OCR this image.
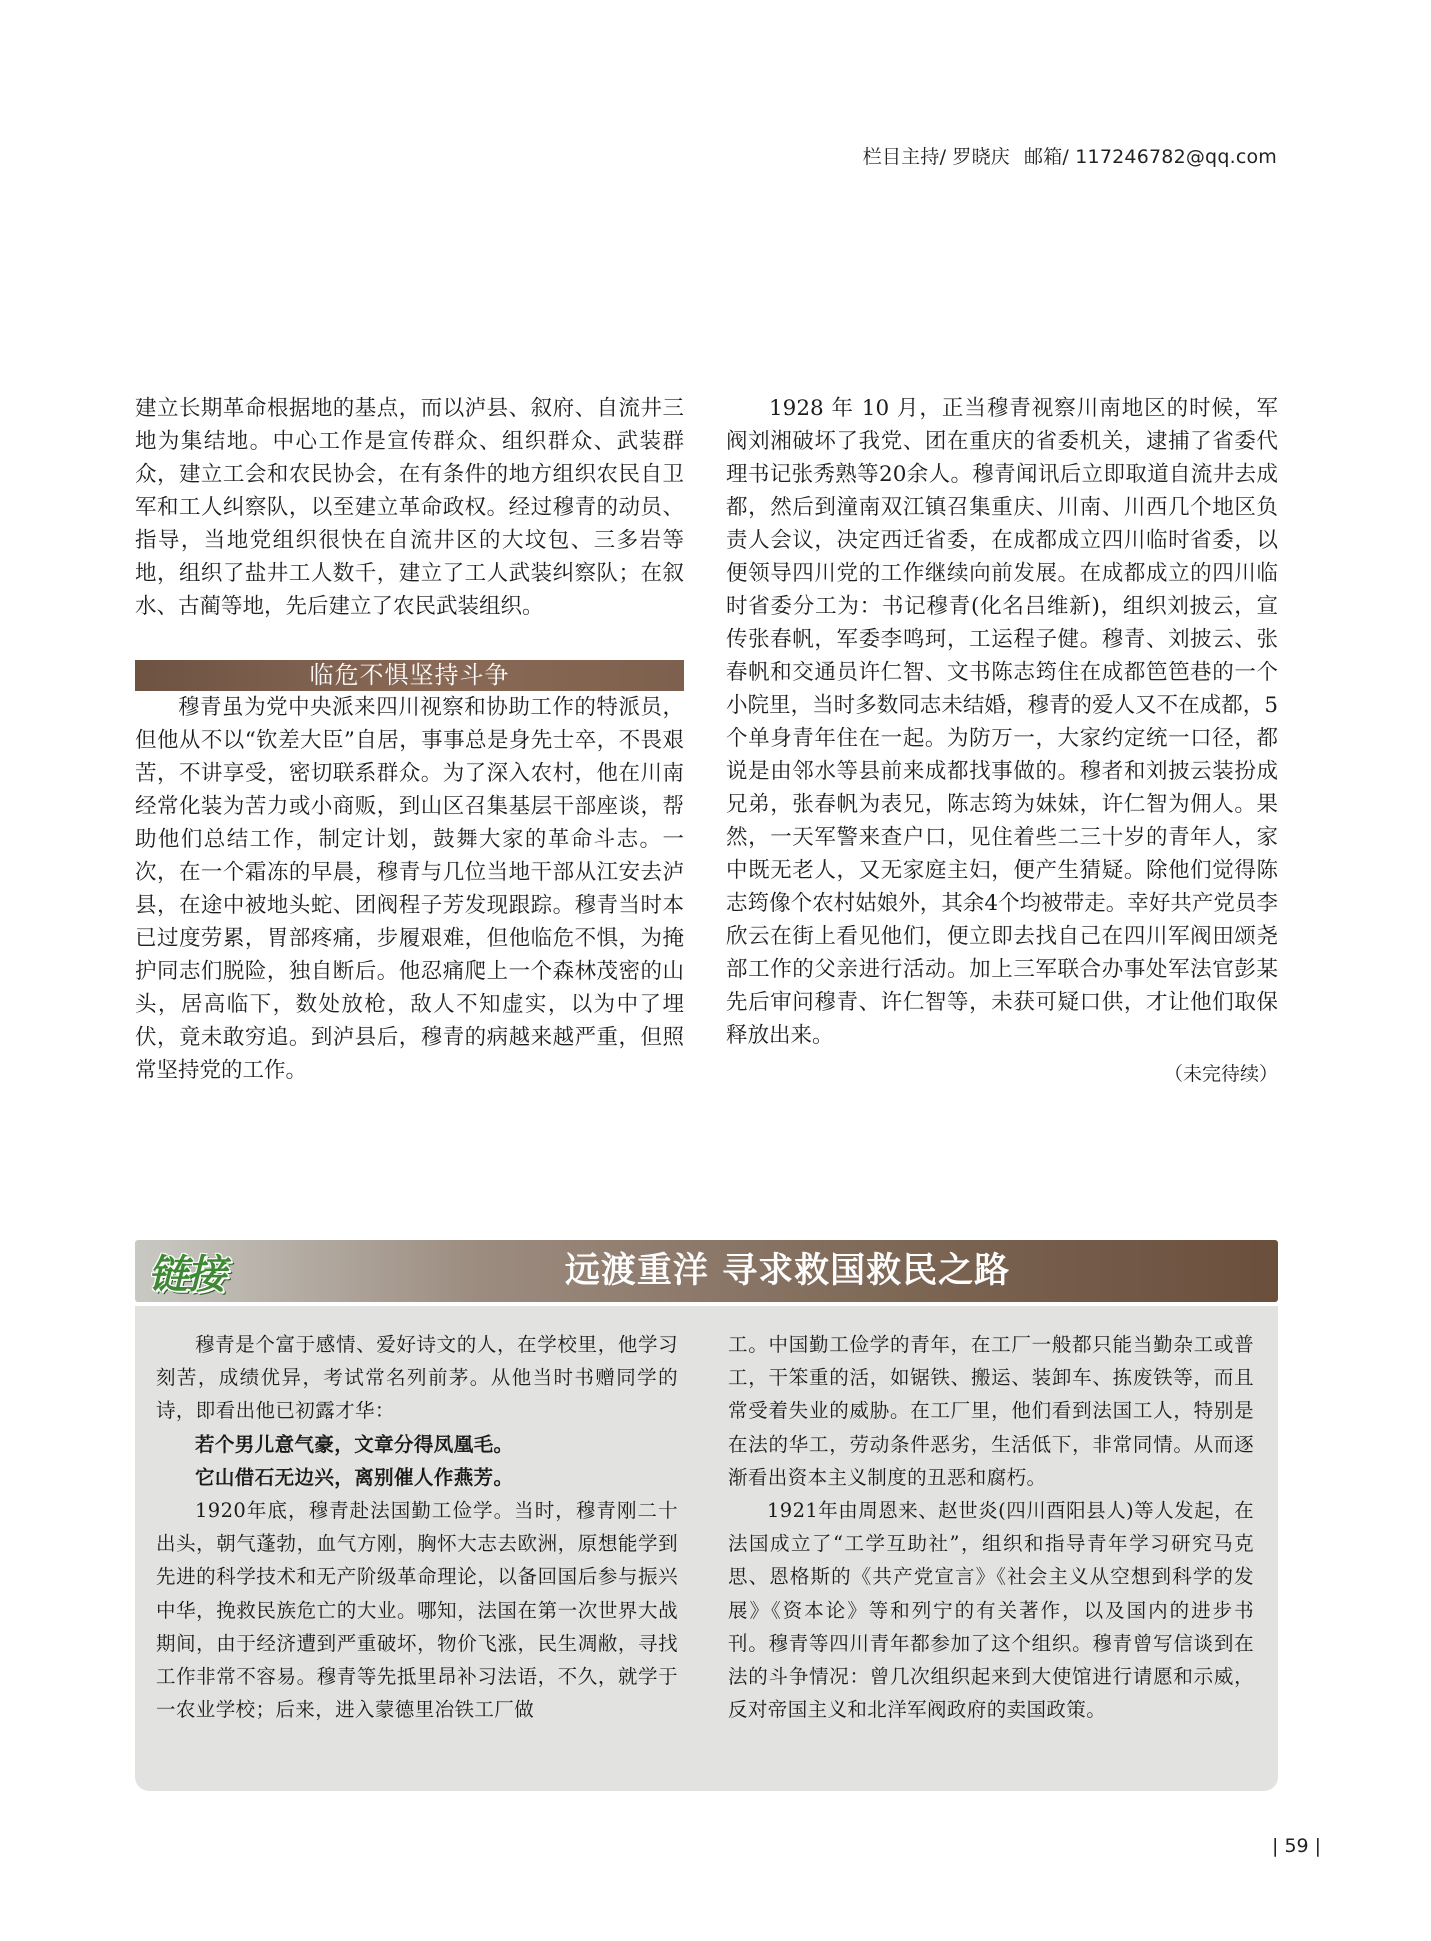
栏目主持/ 罗晓庆 邮箱/ 117246782@qq.com

建立长期革命根据地的基点，而以泸县、叙府、自流井三地为集结地。中心工作是宣传群众、组织群众、武装群众，建立工会和农民协会，在有条件的地方组织农民自卫军和工人纠察队，以至建立革命政权。经过穆青的动员、指导，当地党组织很快在自流井区的大坟包、三多岩等地，组织了盐井工人数千，建立了工人武装纠察队；在叙水、古蔺等地，先后建立了农民武装组织。

临危不惧坚持斗争

穆青虽为党中央派来四川视察和协助工作的特派员，但他从不以“钦差大臣”自居，事事总是身先士卒，不畏艰苦，不讲享受，密切联系群众。为了深入农村，他在川南经常化装为苦力或小商贩，到山区召集基层干部座谈，帮助他们总结工作，制定计划，鼓舞大家的革命斗志。一次，在一个霜冻的早晨，穆青与几位当地干部从江安去泸县，在途中被地头蛇、团阀程子芳发现跟踪。穆青当时本已过度劳累，胃部疼痛，步履艰难，但他临危不惧，为掩护同志们脱险，独自断后。他忍痛爬上一个森林茂密的山头，居高临下，数处放枪，敌人不知虚实，以为中了埋伏，竟未敢穷追。到泸县后，穆青的病越来越严重，但照常坚持党的工作。

1928 年 10 月，正当穆青视察川南地区的时候，军阀刘湘破坏了我党、团在重庆的省委机关，逮捕了省委代理书记张秀熟等20余人。穆青闻讯后立即取道自流井去成都，然后到潼南双江镇召集重庆、川南、川西几个地区负责人会议，决定西迁省委，在成都成立四川临时省委，以便领导四川党的工作继续向前发展。在成都成立的四川临时省委分工为：书记穆青(化名吕维新)，组织刘披云，宣传张春帆，军委李鸣珂，工运程子健。穆青、刘披云、张春帆和交通员许仁智、文书陈志筠住在成都笆笆巷的一个小院里，当时多数同志未结婚，穆青的爱人又不在成都，5个单身青年住在一起。为防万一，大家约定统一口径，都说是由邻水等县前来成都找事做的。穆者和刘披云装扮成兄弟，张春帆为表兄，陈志筠为妹妹，许仁智为佣人。果然，一天军警来查户口，见住着些二三十岁的青年人，家中既无老人，又无家庭主妇，便产生猜疑。除他们觉得陈志筠像个农村姑娘外，其余4个均被带走。幸好共产党员李欣云在街上看见他们，便立即去找自己在四川军阀田颂尧部工作的父亲进行活动。加上三军联合办事处军法官彭某先后审问穆青、许仁智等，未获可疑口供，才让他们取保释放出来。

（未完待续）

链接	远渡重洋 寻求救国救民之路

穆青是个富于感情、爱好诗文的人，在学校里，他学习刻苦，成绩优异，考试常名列前茅。从他当时书赠同学的诗，即看出他已初露才华：

若个男儿意气豪，文章分得凤凰毛。

它山借石无边兴，离别催人作燕芳。

1920年底，穆青赴法国勤工俭学。当时，穆青刚二十出头，朝气蓬勃，血气方刚，胸怀大志去欧洲，原想能学到先进的科学技术和无产阶级革命理论，以备回国后参与振兴中华，挽救民族危亡的大业。哪知，法国在第一次世界大战期间，由于经济遭到严重破坏，物价飞涨，民生凋敝，寻找工作非常不容易。穆青等先抵里昂补习法语，不久，就学于一农业学校；后来，进入蒙德里冶铁工厂做

工。中国勤工俭学的青年，在工厂一般都只能当勤杂工或普工，干笨重的活，如锯铁、搬运、装卸车、拣废铁等，而且常受着失业的威胁。在工厂里，他们看到法国工人，特别是在法的华工，劳动条件恶劣，生活低下，非常同情。从而逐渐看出资本主义制度的丑恶和腐朽。

1921年由周恩来、赵世炎(四川酉阳县人)等人发起，在法国成立了“工学互助社”，组织和指导青年学习研究马克思、恩格斯的《共产党宣言》《社会主义从空想到科学的发展》《资本论》等和列宁的有关著作，以及国内的进步书刊。穆青等四川青年都参加了这个组织。穆青曾写信谈到在法的斗争情况：曾几次组织起来到大使馆进行请愿和示威，反对帝国主义和北洋军阀政府的卖国政策。

| 59 |
